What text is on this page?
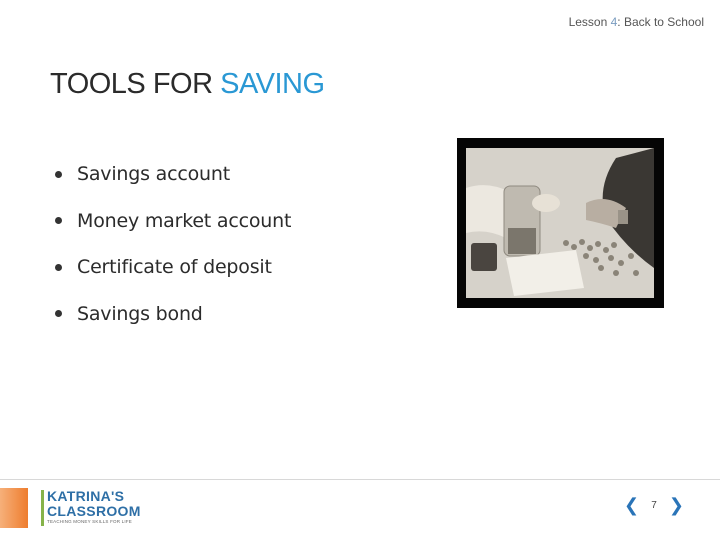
Lesson 4: Back to School
TOOLS FOR SAVING
Savings account
Money market account
Certificate of deposit
Savings bond
KATRINA'S
CLASSROOM
TEACHING MONEY SKILLS FOR LIFE
❮ 7 ❯
